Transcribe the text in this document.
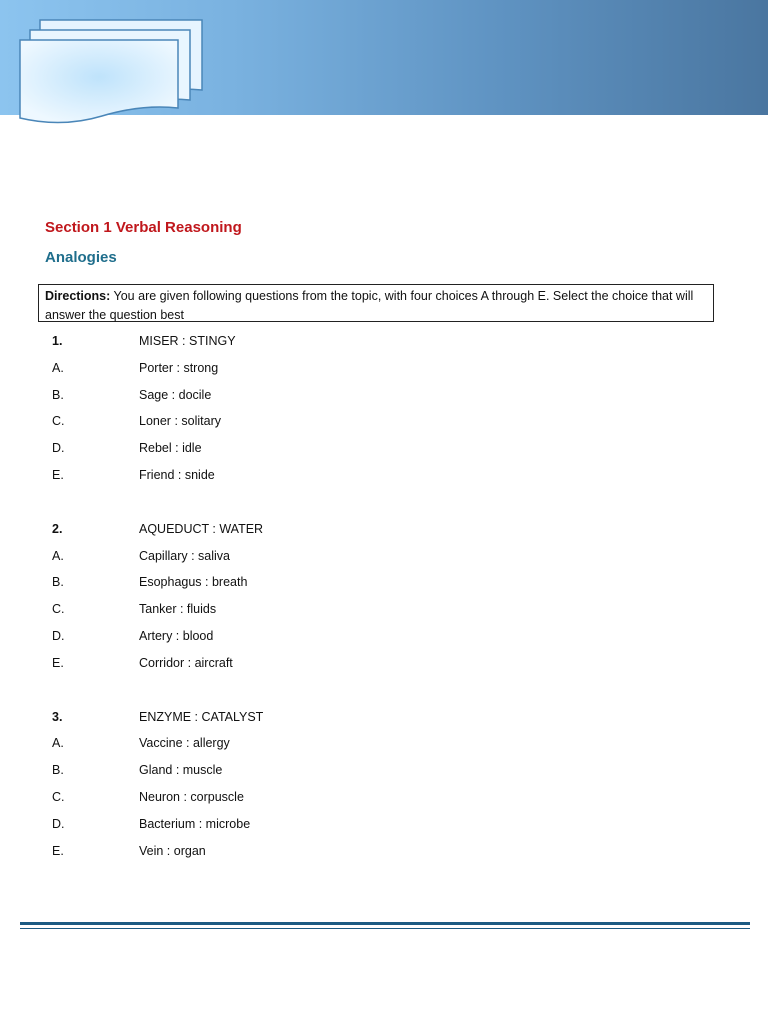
Section 1 Verbal Reasoning
Analogies
Directions: You are given following questions from the topic, with four choices A through E. Select the choice that will answer the question best
1.	MISER : STINGY
A.	Porter : strong
B.	Sage : docile
C.	Loner : solitary
D.	Rebel : idle
E.	Friend : snide
2.	AQUEDUCT : WATER
A.	Capillary : saliva
B.	Esophagus : breath
C.	Tanker : fluids
D.	Artery : blood
E.	Corridor : aircraft
3.	ENZYME : CATALYST
A.	Vaccine : allergy
B.	Gland : muscle
C.	Neuron : corpuscle
D.	Bacterium : microbe
E.	Vein : organ
